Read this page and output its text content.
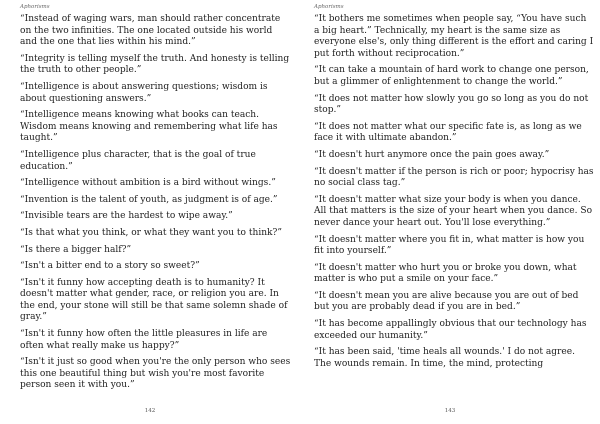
Aphorisms

“Instead of waging wars, man should rather concentrate on the two infinities. The one located outside his world and the one that lies within his mind.”

“Integrity is telling myself the truth. And honesty is telling the truth to other people.”

“Intelligence is about answering questions; wisdom is about questioning answers.”

“Intelligence means knowing what books can teach. Wisdom means knowing and remembering what life has taught.”

“Intelligence plus character, that is the goal of true education.”

“Intelligence without ambition is a bird without wings.”

“Invention is the talent of youth, as judgment is of age.”

“Invisible tears are the hardest to wipe away.”

“Is that what you think, or what they want you to think?”

“Is there a bigger half?”

“Isn't a bitter end to a story so sweet?”

“Isn't it funny how accepting death is to humanity? It doesn't matter what gender, race, or religion you are. In the end, your stone will still be that same solemn shade of gray.”

“Isn't it funny how often the little pleasures in life are often what really make us happy?”

“Isn't it just so good when you're the only person who sees this one beautiful thing but wish you're most favorite person seen it with you.”

142
Aphorisms

“It bothers me sometimes when people say, “You have such a big heart.” Technically, my heart is the same size as everyone else's, only thing different is the effort and caring I put forth without reciprocation.”

“It can take a mountain of hard work to change one person, but a glimmer of enlightenment to change the world.”

“It does not matter how slowly you go so long as you do not stop.”

“It does not matter what our specific fate is, as long as we face it with ultimate abandon.”

“It doesn't hurt anymore once the pain goes away.”

“It doesn't matter if the person is rich or poor; hypocrisy has no social class tag.”

“It doesn't matter what size your body is when you dance. All that matters is the size of your heart when you dance. So never dance your heart out. You'll lose everything.”

“It doesn't matter where you fit in, what matter is how you fit into yourself.”

“It doesn't matter who hurt you or broke you down, what matter is who put a smile on your face.”

“It doesn't mean you are alive because you are out of bed but you are probably dead if you are in bed.”

“It has become appallingly obvious that our technology has exceeded our humanity.”

“It has been said, 'time heals all wounds.' I do not agree. The wounds remain. In time, the mind, protecting

143
